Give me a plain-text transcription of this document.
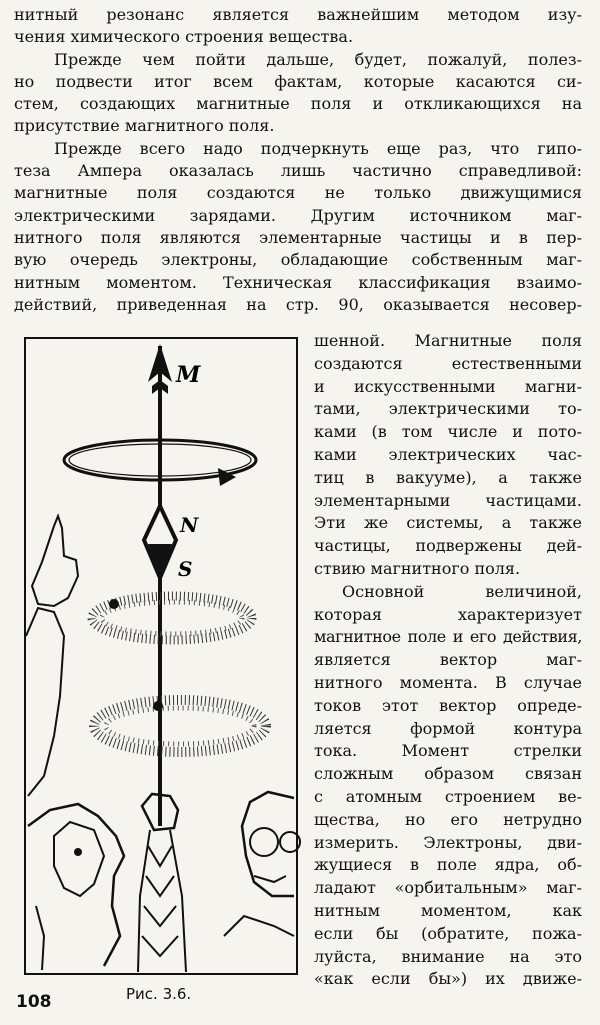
нитный резонанс является важнейшим методом изу-
чения химического строения вещества.

Прежде чем пойти дальше, будет, пожалуй, полез-
но подвести итог всем фактам, которые касаются си-
стем, создающих магнитные поля и откликающихся на
присутствие магнитного поля.

Прежде всего надо подчеркнуть еще раз, что гипо-
теза Ампера оказалась лишь частично справедливой:
магнитные поля создаются не только движущимися
электрическими зарядами. Другим источником маг-
нитного поля являются элементарные частицы и в пер-
вую очередь электроны, обладающие собственным маг-
нитным моментом. Техническая классификация взаимо-
действий, приведенная на стр. 90, оказывается несовер-

M
N
S
шенной. Магнитные поля
создаются естественными
и искусственными магни-
тами, электрическими то-
ками (в том числе и пото-
ками электрических час-
тиц в вакууме), а также
элементарными частицами.
Эти же системы, а также
частицы, подвержены дей-
ствию магнитного поля.
Основной величиной,
которая характеризует
магнитное поле и его действия,
является вектор маг-
нитного момента. В случае
токов этот вектор опреде-
ляется формой контура
тока. Момент стрелки
сложным образом связан
с атомным строением ве-
щества, но его нетрудно
измерить. Электроны, дви-
жущиеся в поле ядра, об-
ладают «орбитальным» маг-
нитным моментом, как
если бы (обратите, пожа-
луйста, внимание на это
«как если бы») их движе-
Рис. 3.6.
108
